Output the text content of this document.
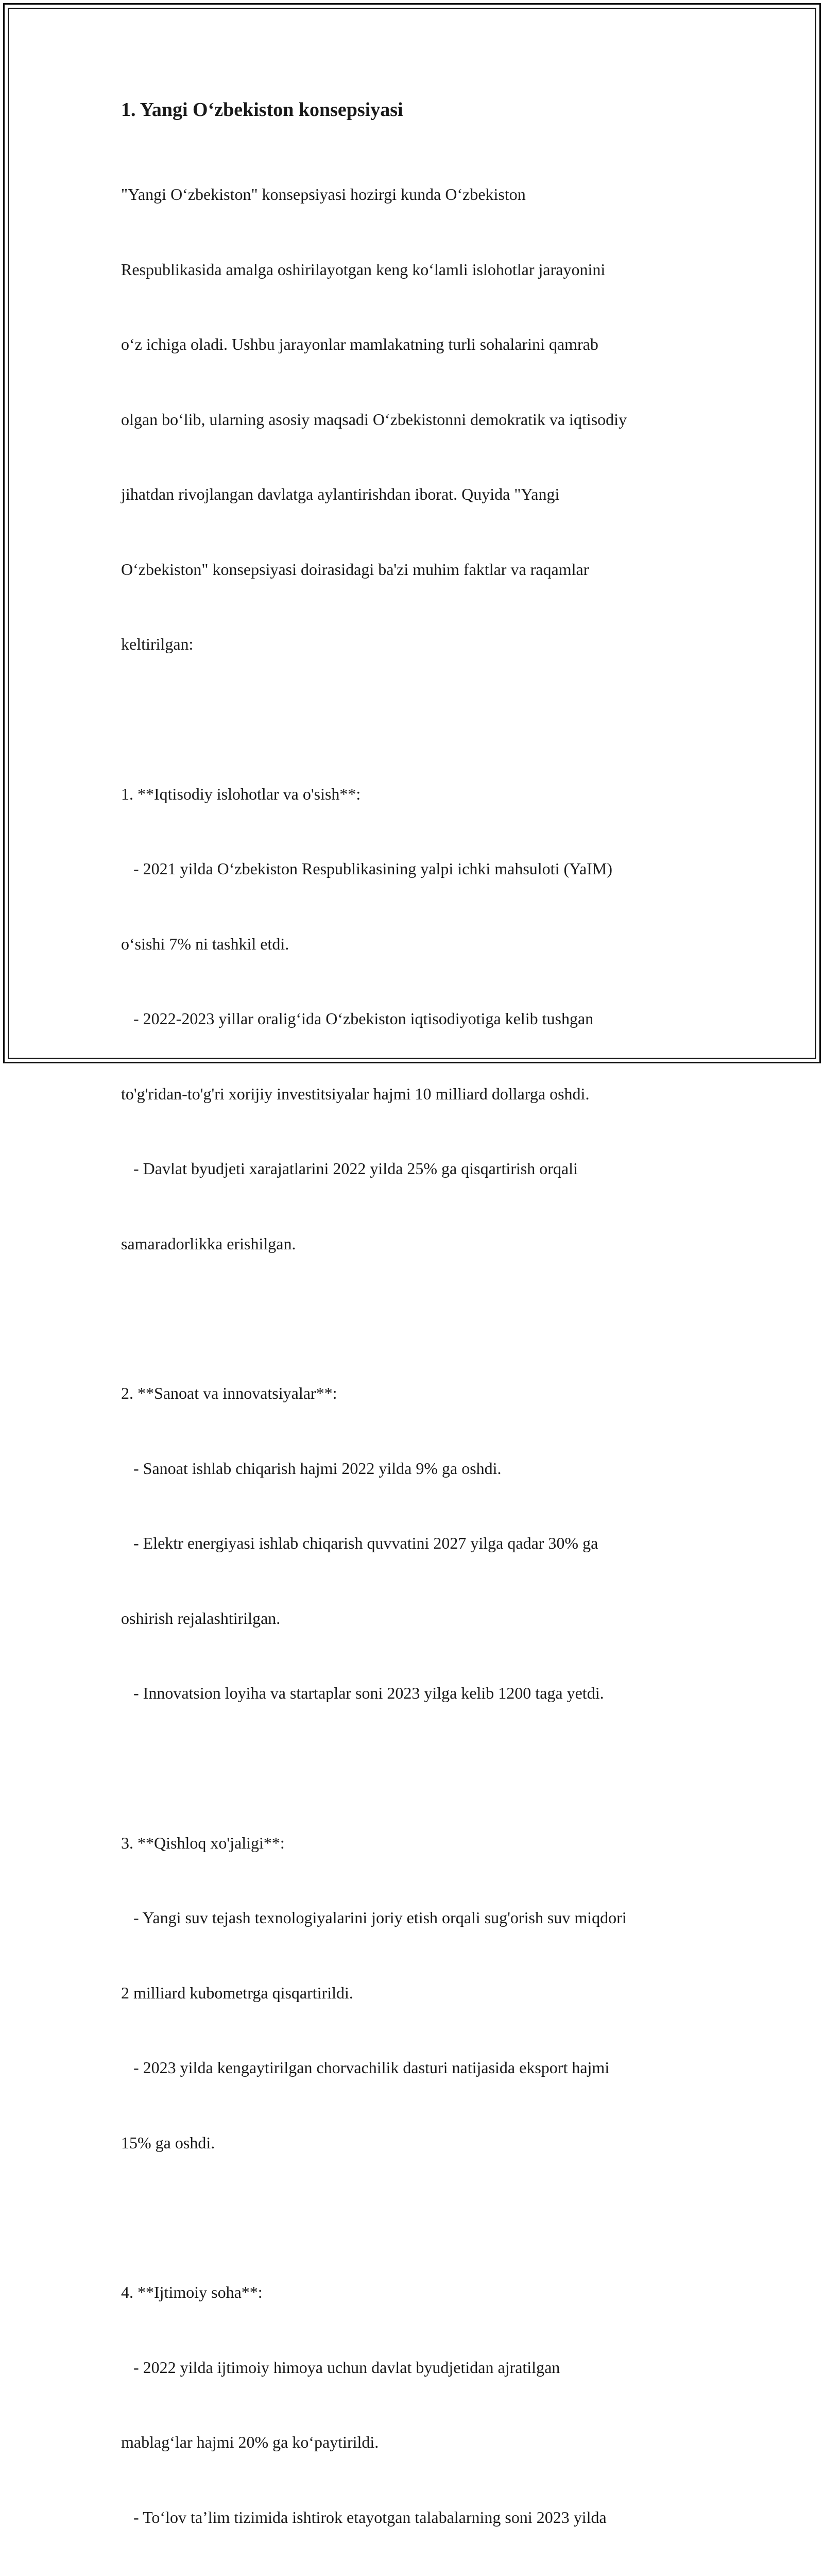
1. Yangi O‘zbekiston konsepsiyasi

"Yangi O‘zbekiston" konsepsiyasi hozirgi kunda O‘zbekiston

Respublikasida amalga oshirilayotgan keng ko‘lamli islohotlar jarayonini

o‘z ichiga oladi. Ushbu jarayonlar mamlakatning turli sohalarini qamrab

olgan bo‘lib, ularning asosiy maqsadi O‘zbekistonni demokratik va iqtisodiy

jihatdan rivojlangan davlatga aylantirishdan iborat. Quyida "Yangi

O‘zbekiston" konsepsiyasi doirasidagi ba'zi muhim faktlar va raqamlar

keltirilgan:

1. **Iqtisodiy islohotlar va o'sish**:

- 2021 yilda O‘zbekiston Respublikasining yalpi ichki mahsuloti (YaIM)

o‘sishi 7% ni tashkil etdi.

- 2022-2023 yillar oralig‘ida O‘zbekiston iqtisodiyotiga kelib tushgan

to'g'ridan-to'g'ri xorijiy investitsiyalar hajmi 10 milliard dollarga oshdi.

- Davlat byudjeti xarajatlarini 2022 yilda 25% ga qisqartirish orqali

samaradorlikka erishilgan.

2. **Sanoat va innovatsiyalar**:

- Sanoat ishlab chiqarish hajmi 2022 yilda 9% ga oshdi.

- Elektr energiyasi ishlab chiqarish quvvatini 2027 yilga qadar 30% ga

oshirish rejalashtirilgan.

- Innovatsion loyiha va startaplar soni 2023 yilga kelib 1200 taga yetdi.

3. **Qishloq xo'jaligi**:

- Yangi suv tejash texnologiyalarini joriy etish orqali sug'orish suv miqdori

2 milliard kubometrga qisqartirildi.

- 2023 yilda kengaytirilgan chorvachilik dasturi natijasida eksport hajmi

15% ga oshdi.

4. **Ijtimoiy soha**:

- 2022 yilda ijtimoiy himoya uchun davlat byudjetidan ajratilgan

mablag‘lar hajmi 20% ga ko‘paytirildi.

- To‘lov ta’lim tizimida ishtirok etayotgan talabalarning soni 2023 yilda
